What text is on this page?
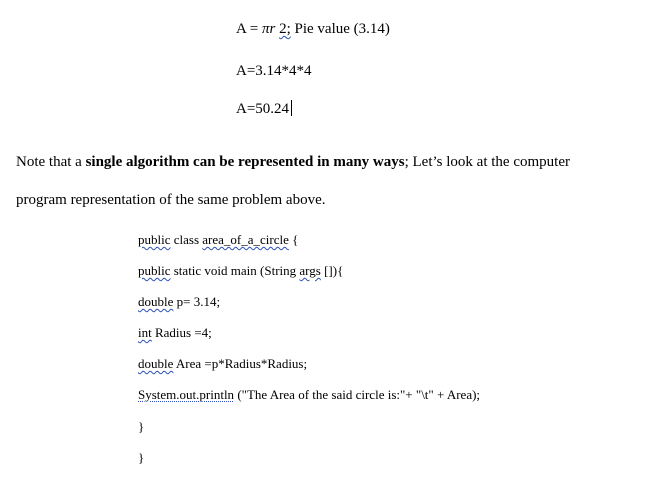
A = πr 2; Pie value (3.14)
A=3.14*4*4
A=50.24
Note that a single algorithm can be represented in many ways; Let’s look at the computer
program representation of the same problem above.
public class area_of_a_circle {
public static void main (String args []){
double p= 3.14;
int Radius =4;
double Area =p*Radius*Radius;
System.out.println ("The Area of the said circle is:"+ "\t" + Area);
}
}
